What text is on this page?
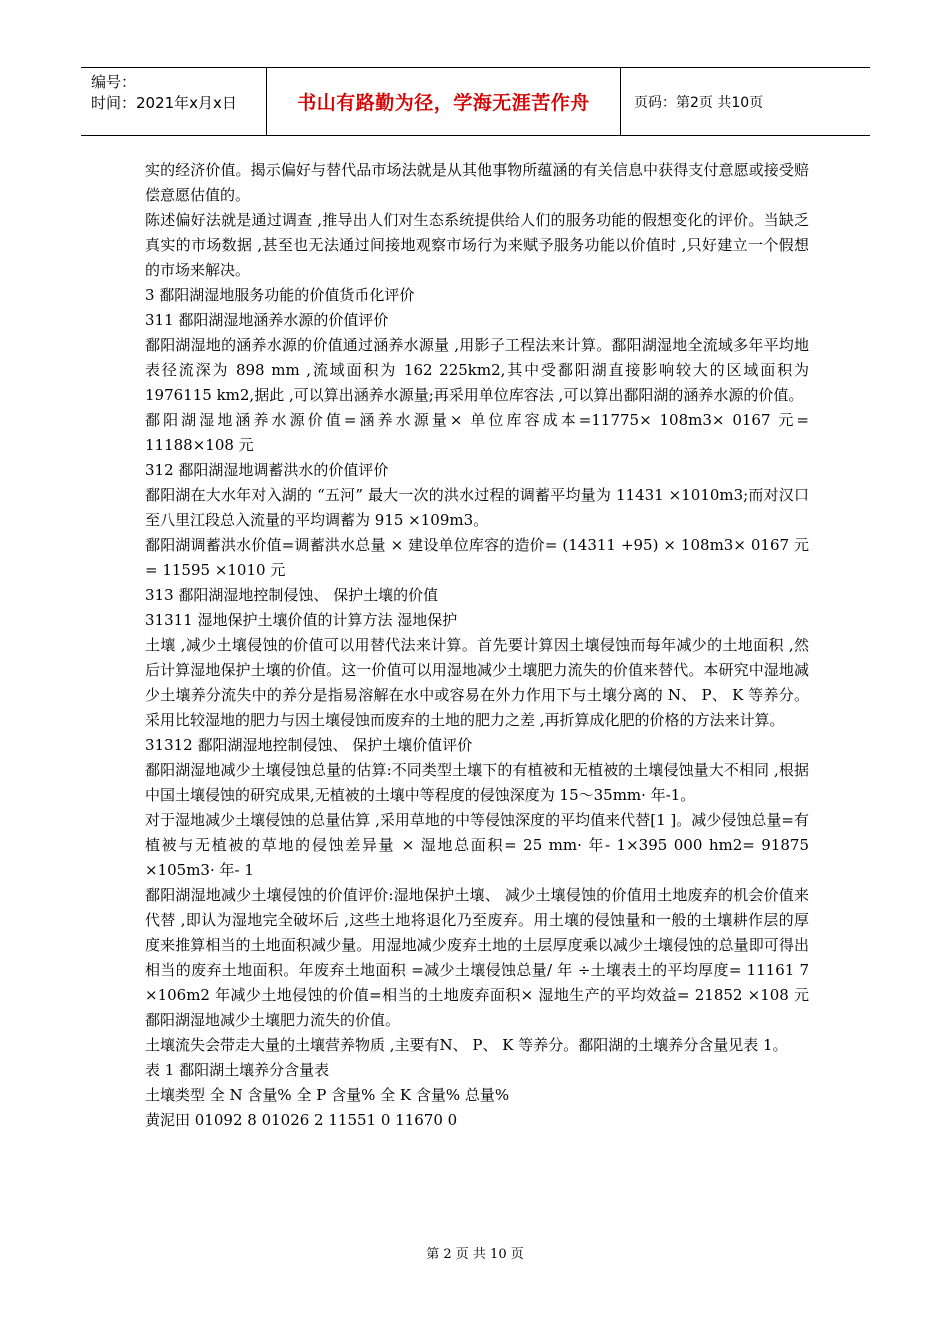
编号：
时间：2021年x月x日	书山有路勤为径，学海无涯苦作舟	页码：第2页 共10页

实的经济价值。揭示偏好与替代品市场法就是从其他事物所蕴涵的有关信息中获得支付意愿或接受赔偿意愿估值的。

陈述偏好法就是通过调查 ,推导出人们对生态系统提供给人们的服务功能的假想变化的评价。当缺乏真实的市场数据 ,甚至也无法通过间接地观察市场行为来赋予服务功能以价值时 ,只好建立一个假想的市场来解决。

3 鄱阳湖湿地服务功能的价值货币化评价

311 鄱阳湖湿地涵养水源的价值评价

鄱阳湖湿地的涵养水源的价值通过涵养水源量 ,用影子工程法来计算。鄱阳湖湿地全流域多年平均地表径流深为 898 mm ,流域面积为 162 225km2,其中受鄱阳湖直接影响较大的区域面积为 1976115 km2,据此 ,可以算出涵养水源量;再采用单位库容法 ,可以算出鄱阳湖的涵养水源的价值。

鄱阳湖湿地涵养水源价值=涵养水源量× 单位库容成本=11775× 108m3× 0167 元= 11188×108 元

312 鄱阳湖湿地调蓄洪水的价值评价

鄱阳湖在大水年对入湖的 “五河” 最大一次的洪水过程的调蓄平均量为 11431 ×1010m3;而对汉口至八里江段总入流量的平均调蓄为 915 ×109m3。

鄱阳湖调蓄洪水价值=调蓄洪水总量 × 建设单位库容的造价= (14311 +95) × 108m3× 0167 元= 11595 ×1010 元

313 鄱阳湖湿地控制侵蚀、 保护土壤的价值

31311 湿地保护土壤价值的计算方法 湿地保护

土壤 ,减少土壤侵蚀的价值可以用替代法来计算。首先要计算因土壤侵蚀而每年减少的土地面积 ,然后计算湿地保护土壤的价值。这一价值可以用湿地减少土壤肥力流失的价值来替代。本研究中湿地减少土壤养分流失中的养分是指易溶解在水中或容易在外力作用下与土壤分离的 N、 P、 K 等养分。采用比较湿地的肥力与因土壤侵蚀而废弃的土地的肥力之差 ,再折算成化肥的价格的方法来计算。

31312 鄱阳湖湿地控制侵蚀、 保护土壤价值评价

鄱阳湖湿地减少土壤侵蚀总量的估算:不同类型土壤下的有植被和无植被的土壤侵蚀量大不相同 ,根据中国土壤侵蚀的研究成果,无植被的土壤中等程度的侵蚀深度为 15～35mm· 年-1。

对于湿地减少土壤侵蚀的总量估算 ,采用草地的中等侵蚀深度的平均值来代替[1 ]。减少侵蚀总量=有植被与无植被的草地的侵蚀差异量 × 湿地总面积= 25 mm· 年- 1×395 000 hm2= 91875 ×105m3· 年- 1

鄱阳湖湿地减少土壤侵蚀的价值评价:湿地保护土壤、 减少土壤侵蚀的价值用土地废弃的机会价值来代替 ,即认为湿地完全破坏后 ,这些土地将退化乃至废弃。用土壤的侵蚀量和一般的土壤耕作层的厚度来推算相当的土地面积减少量。用湿地减少废弃土地的土层厚度乘以减少土壤侵蚀的总量即可得出相当的废弃土地面积。年废弃土地面积 =减少土壤侵蚀总量/ 年 ÷土壤表土的平均厚度= 11161 7 ×106m2 年减少土地侵蚀的价值=相当的土地废弃面积× 湿地生产的平均效益= 21852 ×108 元鄱阳湖湿地减少土壤肥力流失的价值。

土壤流失会带走大量的土壤营养物质 ,主要有N、 P、 K 等养分。鄱阳湖的土壤养分含量见表 1。

表 1 鄱阳湖土壤养分含量表

土壤类型 全 N 含量% 全 P 含量% 全 K 含量% 总量%

黄泥田 01092 8 01026 2 11551 0 11670 0

第 2 页 共 10 页
